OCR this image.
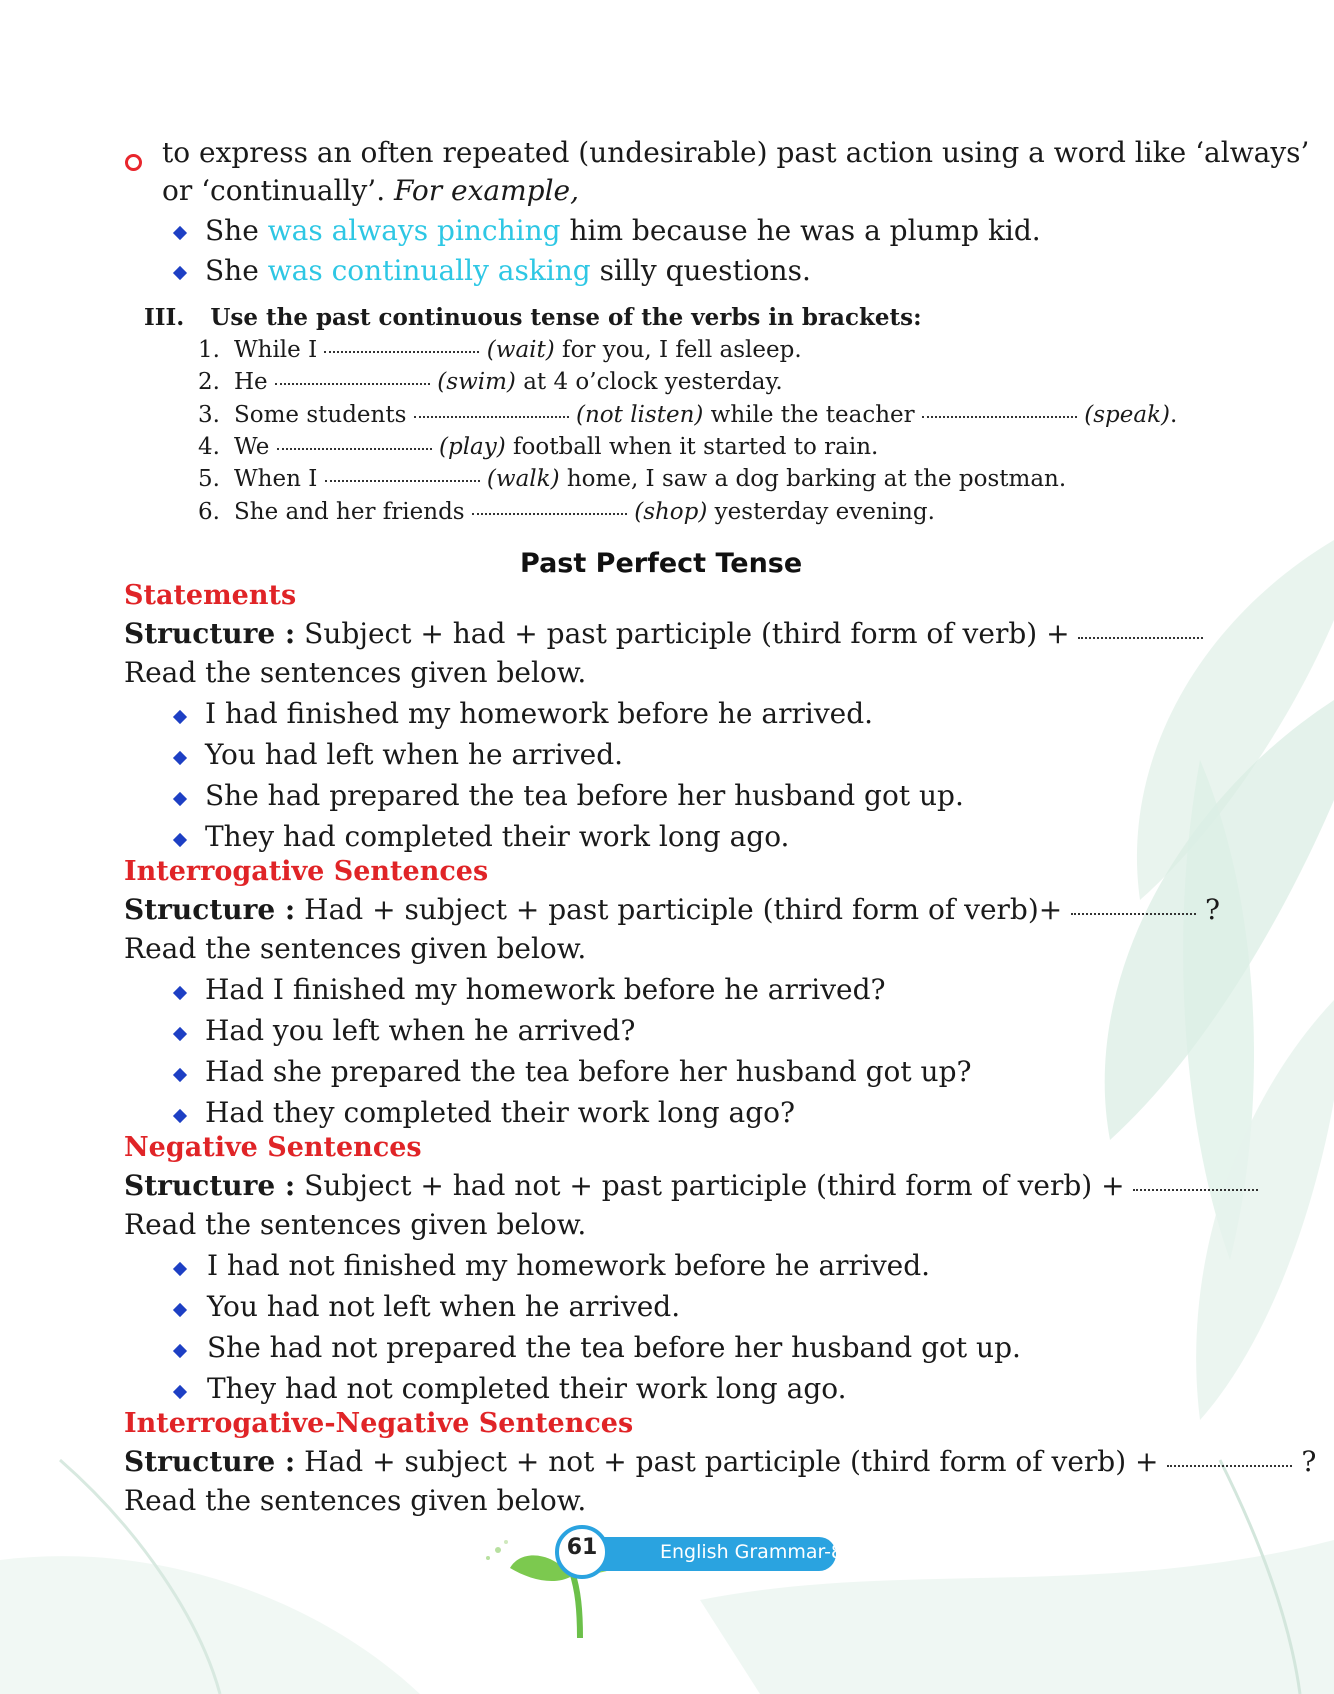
to express an often repeated (undesirable) past action using a word like ‘always’
or ‘continually’. For example,
She was always pinching him because he was a plump kid.
She was continually asking silly questions.
III. Use the past continuous tense of the verbs in brackets:
1. While I	(wait) for you, I fell asleep.
2. He	(swim) at 4 o’clock yesterday.
3. Some students	(not listen) while the teacher	(speak).
4. We	(play) football when it started to rain.
5. When I	(walk) home, I saw a dog barking at the postman.
6. She and her friends	(shop) yesterday evening.
Past Perfect Tense
Statements
Structure : Subject + had + past participle (third form of verb) +
Read the sentences given below.
I had finished my homework before he arrived.
You had left when he arrived.
She had prepared the tea before her husband got up.
They had completed their work long ago.
Interrogative Sentences
Structure : Had + subject + past participle (third form of verb)+	?
Read the sentences given below.
Had I finished my homework before he arrived?
Had you left when he arrived?
Had she prepared the tea before her husband got up?
Had they completed their work long ago?
Negative Sentences
Structure : Subject + had not + past participle (third form of verb) +
Read the sentences given below.
I had not finished my homework before he arrived.
You had not left when he arrived.
She had not prepared the tea before her husband got up.
They had not completed their work long ago.
Interrogative-Negative Sentences
Structure : Had + subject + not + past participle (third form of verb) +	?
Read the sentences given below.
English Grammar-8
61
